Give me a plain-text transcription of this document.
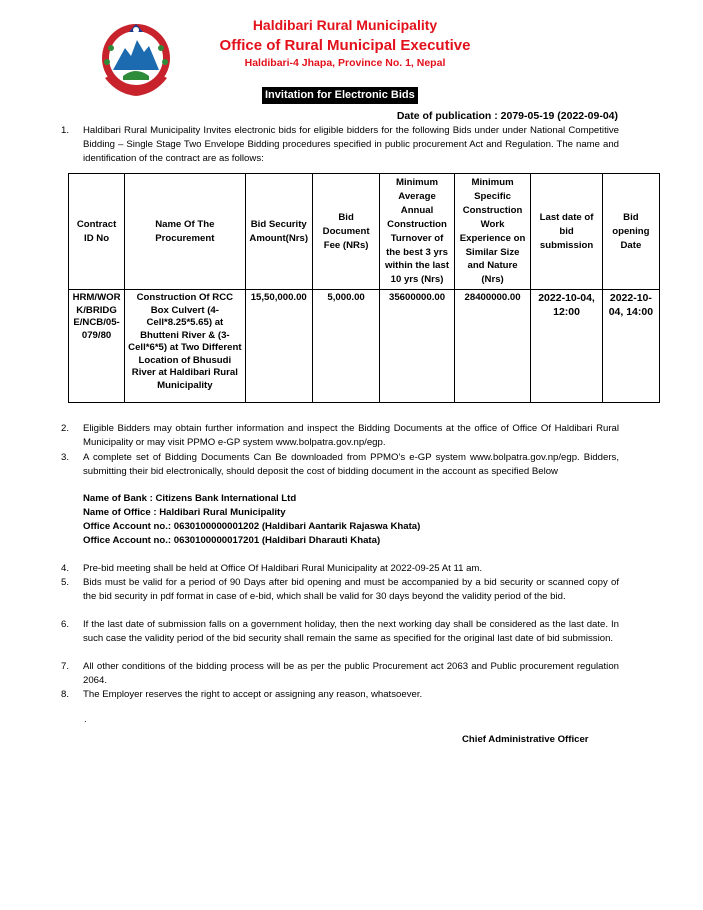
Haldibari Rural Municipality
Office of Rural Municipal Executive
Haldibari-4 Jhapa, Province No. 1, Nepal
Invitation for Electronic Bids
Date of publication : 2079-05-19 (2022-09-04)
1. Haldibari Rural Municipality Invites electronic bids for eligible bidders for the following Bids under under National Competitive Bidding – Single Stage Two Envelope Bidding procedures specified in public procurement Act and Regulation. The name and identification of the contract are as follows:
Contract ID No	Name Of The Procurement	Bid Security Amount(Nrs)	Bid Document Fee (NRs)	Minimum Average Annual Construction Turnover of the best 3 yrs within the last 10 yrs (Nrs)	Minimum Specific Construction Work Experience on Similar Size and Nature (Nrs)	Last date of bid submission	Bid opening Date
HRM/WORK/BRIDGE/NCB/05-079/80	Construction Of RCC Box Culvert (4-Cell*8.25*5.65) at Bhutteni River & (3-Cell*6*5) at Two Different Location of Bhusudi River at Haldibari Rural Municipality	15,50,000.00	5,000.00	35600000.00	28400000.00	2022-10-04, 12:00	2022-10-04, 14:00
2. Eligible Bidders may obtain further information and inspect the Bidding Documents at the office of Office Of Haldibari Rural Municipality or may visit PPMO e-GP system www.bolpatra.gov.np/egp.
3. A complete set of Bidding Documents Can Be downloaded from PPMO’s e-GP system www.bolpatra.gov.np/egp. Bidders, submitting their bid electronically, should deposit the cost of bidding document in the account as specified Below
Name of Bank : Citizens Bank International Ltd
Name of Office : Haldibari Rural Municipality
Office Account no.: 0630100000001202 (Haldibari Aantarik Rajaswa Khata)
Office Account no.: 0630100000017201 (Haldibari Dharauti Khata)
4. Pre-bid meeting shall be held at Office Of Haldibari Rural Municipality at 2022-09-25 At 11 am.
5. Bids must be valid for a period of 90 Days after bid opening and must be accompanied by a bid security or scanned copy of the bid security in pdf format in case of e-bid, which shall be valid for 30 days beyond the validity period of the bid.
6. If the last date of submission falls on a government holiday, then the next working day shall be considered as the last date. In such case the validity period of the bid security shall remain the same as specified for the original last date of bid submission.
7. All other conditions of the bidding process will be as per the public Procurement act 2063 and Public procurement regulation 2064.
8. The Employer reserves the right to accept or assigning any reason, whatsoever.
.
Chief Administrative Officer
